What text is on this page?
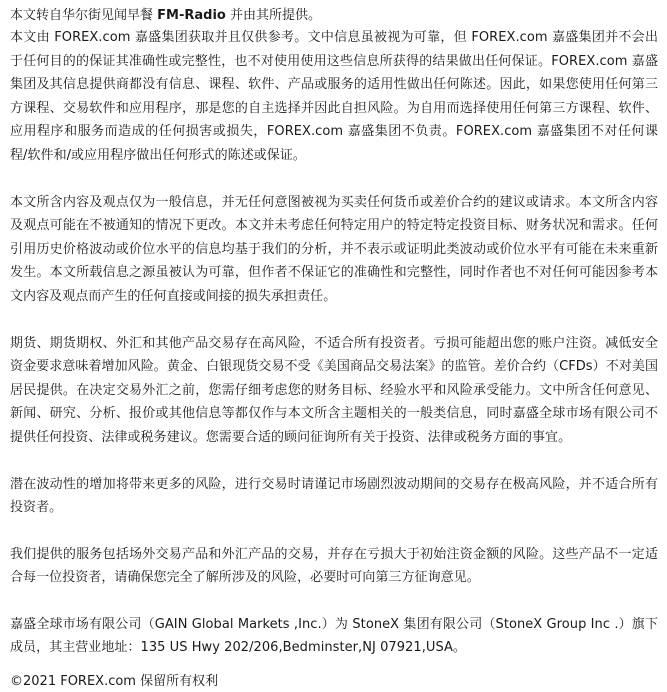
本文转自华尔街见闻早餐 FM-Radio 并由其所提供。

本文由 FOREX.com 嘉盛集团获取并且仅供参考。文中信息虽被视为可靠，但 FOREX.com 嘉盛集团并不会出于任何目的的保证其准确性或完整性，也不对使用使用这些信息所获得的结果做出任何保证。FOREX.com 嘉盛集团及其信息提供商都没有信息、课程、软件、产品或服务的适用性做出任何陈述。因此，如果您使用任何第三方课程、交易软件和应用程序，那是您的自主选择并因此自担风险。为自用而选择使用任何第三方课程、软件、应用程序和服务而造成的任何损害或损失，FOREX.com 嘉盛集团不负责。FOREX.com 嘉盛集团不对任何课程/软件和/或应用程序做出任何形式的陈述或保证。

本文所含内容及观点仅为一般信息，并无任何意图被视为买卖任何货币或差价合约的建议或请求。本文所含内容及观点可能在不被通知的情况下更改。本文并未考虑任何特定用户的特定特定投资目标、财务状况和需求。任何引用历史价格波动或价位水平的信息均基于我们的分析，并不表示或证明此类波动或价位水平有可能在未来重新发生。本文所载信息之源虽被认为可靠，但作者不保证它的准确性和完整性，同时作者也不对任何可能因参考本文内容及观点而产生的任何直接或间接的损失承担责任。

期货、期货期权、外汇和其他产品交易存在高风险，不适合所有投资者。亏损可能超出您的账户注资。减低安全资金要求意味着增加风险。黄金、白银现货交易不受《美国商品交易法案》的监管。差价合约（CFDs）不对美国居民提供。在决定交易外汇之前，您需仔细考虑您的财务目标、经验水平和风险承受能力。文中所含任何意见、新闻、研究、分析、报价或其他信息等都仅作与本文所含主题相关的一般类信息，同时嘉盛全球市场有限公司不提供任何投资、法律或税务建议。您需要合适的顾问征询所有关于投资、法律或税务方面的事宜。

潜在波动性的增加将带来更多的风险，进行交易时请谨记市场剧烈波动期间的交易存在极高风险，并不适合所有投资者。

我们提供的服务包括场外交易产品和外汇产品的交易，并存在亏损大于初始注资金额的风险。这些产品不一定适合每一位投资者，请确保您完全了解所涉及的风险，必要时可向第三方征询意见。

嘉盛全球市场有限公司（GAIN Global Markets ,Inc.）为 StoneX 集团有限公司（StoneX Group Inc .）旗下成员，其主营业地址：135 US Hwy 202/206,Bedminster,NJ 07921,USA。

©2021 FOREX.com 保留所有权利
